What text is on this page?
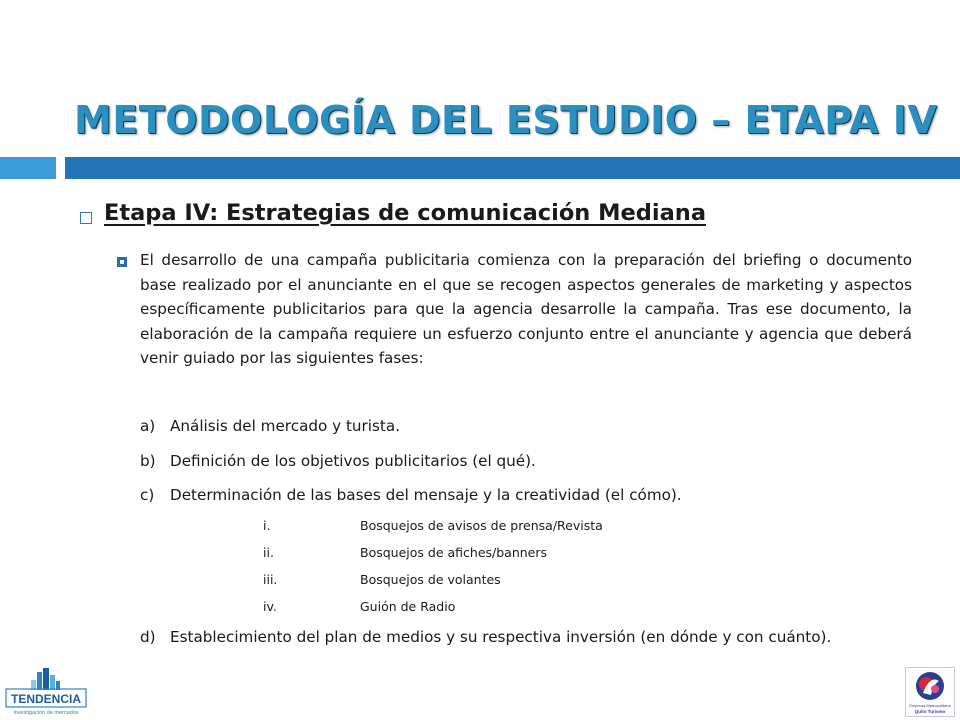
METODOLOGÍA DEL ESTUDIO – ETAPA IV
Etapa IV: Estrategias de comunicación Mediana

El desarrollo de una campaña publicitaria comienza con la preparación del briefing o documento base realizado por el anunciante en el que se recogen aspectos generales de marketing y aspectos específicamente publicitarios para que la agencia desarrolle la campaña. Tras ese documento, la elaboración de la campaña requiere un esfuerzo conjunto entre el anunciante y agencia que deberá venir guiado por las siguientes fases:

a) Análisis del mercado y turista.
b) Definición de los objetivos publicitarios (el qué).
c) Determinación de las bases del mensaje y la creatividad (el cómo).
i.	Bosquejos de avisos de prensa/Revista
ii.	Bosquejos de afiches/banners
iii.	Bosquejos de volantes
iv.	Guión de Radio
d) Establecimiento del plan de medios y su respectiva inversión (en dónde y con cuánto).
TENDENCIA
investigación de mercados
Empresa Metropolitana
Quito Turismo
